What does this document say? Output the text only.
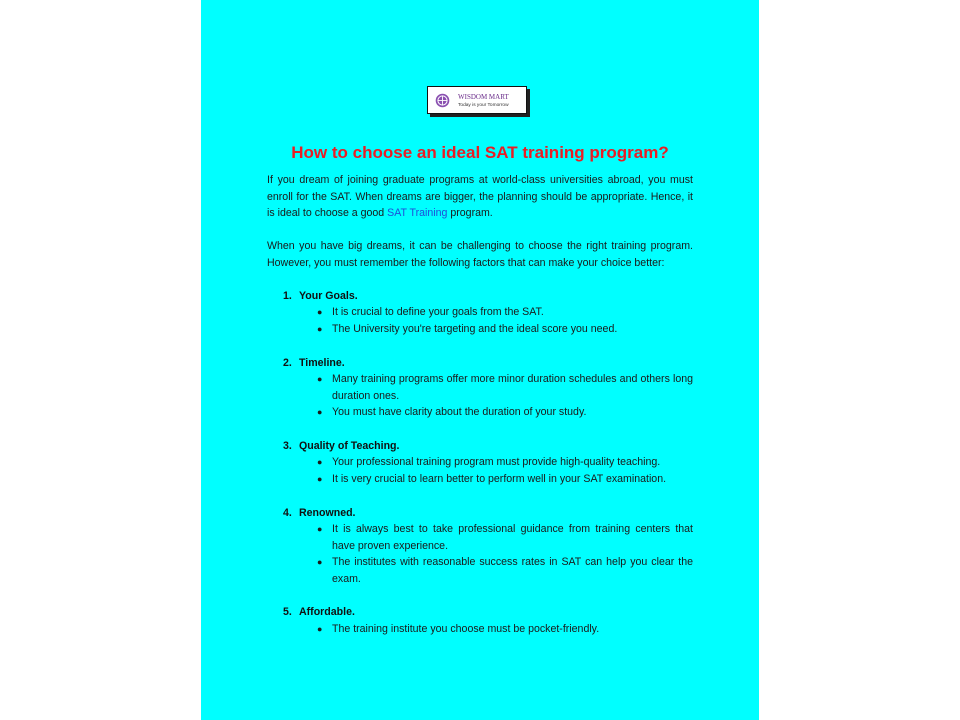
WISDOM MART
Today is your Tomorrow
How to choose an ideal SAT training program?

If you dream of joining graduate programs at world-class universities abroad, you must enroll for the SAT. When dreams are bigger, the planning should be appropriate. Hence, it is ideal to choose a good SAT Training program.

When you have big dreams, it can be challenging to choose the right training program. However, you must remember the following factors that can make your choice better:

1. Your Goals.
● It is crucial to define your goals from the SAT.
● The University you're targeting and the ideal score you need.
2. Timeline.
● Many training programs offer more minor duration schedules and others long duration ones.
● You must have clarity about the duration of your study.
3. Quality of Teaching.
● Your professional training program must provide high-quality teaching.
● It is very crucial to learn better to perform well in your SAT examination.
4. Renowned.
● It is always best to take professional guidance from training centers that have proven experience.
● The institutes with reasonable success rates in SAT can help you clear the exam.
5. Affordable.
● The training institute you choose must be pocket-friendly.
